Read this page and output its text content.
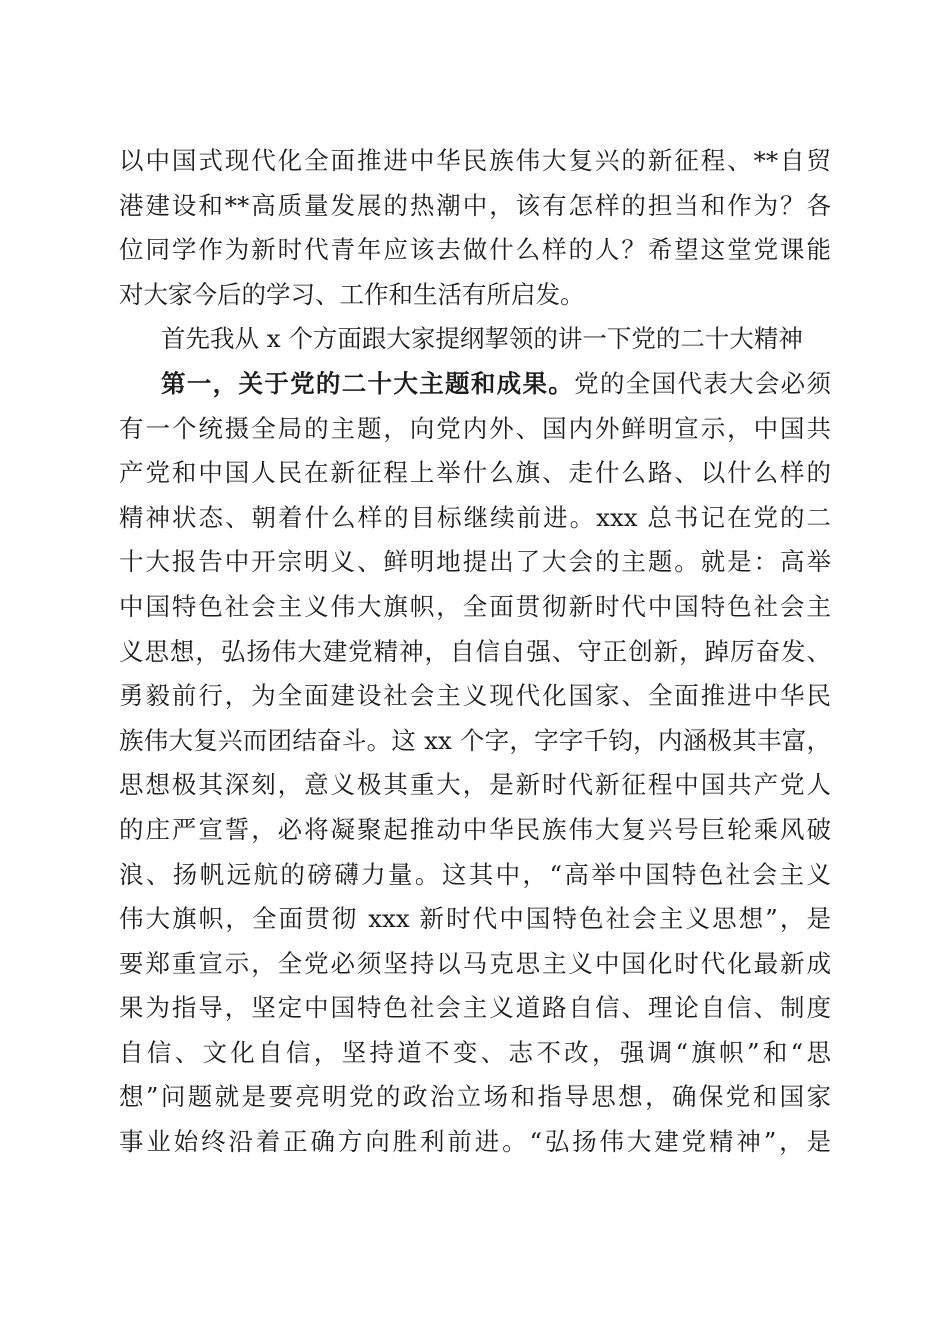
以中国式现代化全面推进中华民族伟大复兴的新征程、**自贸
港建设和**高质量发展的热潮中，该有怎样的担当和作为？各
位同学作为新时代青年应该去做什么样的人？希望这堂党课能
对大家今后的学习、工作和生活有所启发。
首先我从 x 个方面跟大家提纲挈领的讲一下党的二十大精神
第一，关于党的二十大主题和成果。党的全国代表大会必须
有一个统摄全局的主题，向党内外、国内外鲜明宣示，中国共
产党和中国人民在新征程上举什么旗、走什么路、以什么样的
精神状态、朝着什么样的目标继续前进。xxx 总书记在党的二
十大报告中开宗明义、鲜明地提出了大会的主题。就是：高举
中国特色社会主义伟大旗帜，全面贯彻新时代中国特色社会主
义思想，弘扬伟大建党精神，自信自强、守正创新，踔厉奋发、
勇毅前行，为全面建设社会主义现代化国家、全面推进中华民
族伟大复兴而团结奋斗。这 xx 个字，字字千钧，内涵极其丰富，
思想极其深刻，意义极其重大，是新时代新征程中国共产党人
的庄严宣誓，必将凝聚起推动中华民族伟大复兴号巨轮乘风破
浪、扬帆远航的磅礴力量。这其中，“高举中国特色社会主义
伟大旗帜，全面贯彻 xxx 新时代中国特色社会主义思想”，是
要郑重宣示，全党必须坚持以马克思主义中国化时代化最新成
果为指导，坚定中国特色社会主义道路自信、理论自信、制度
自信、文化自信，坚持道不变、志不改，强调“旗帜”和“思
想”问题就是要亮明党的政治立场和指导思想，确保党和国家
事业始终沿着正确方向胜利前进。“弘扬伟大建党精神”，是
